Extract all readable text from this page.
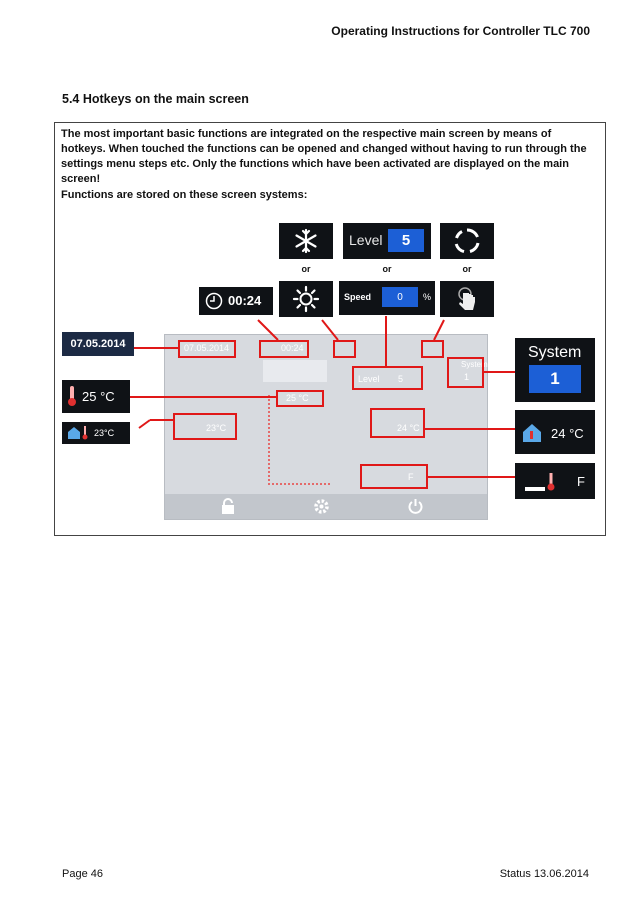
Operating Instructions for Controller TLC 700
5.4 Hotkeys on the main screen
The most important basic functions are integrated on the respective main screen by means of hotkeys. When touched the functions can be opened and changed without having to run through the settings menu steps etc. Only the functions which have been activated are displayed on the main screen!
Functions are stored on these screen systems:
Level	5
or	or	or
00:24	Speed	0	%
07.05.2014
25 °C
23°C
System
1
24 °C
F
07.05.2014	00:24
25 °C
23°C
Level 5
System
1
24 °C
F
Page 46	Status 13.06.2014
